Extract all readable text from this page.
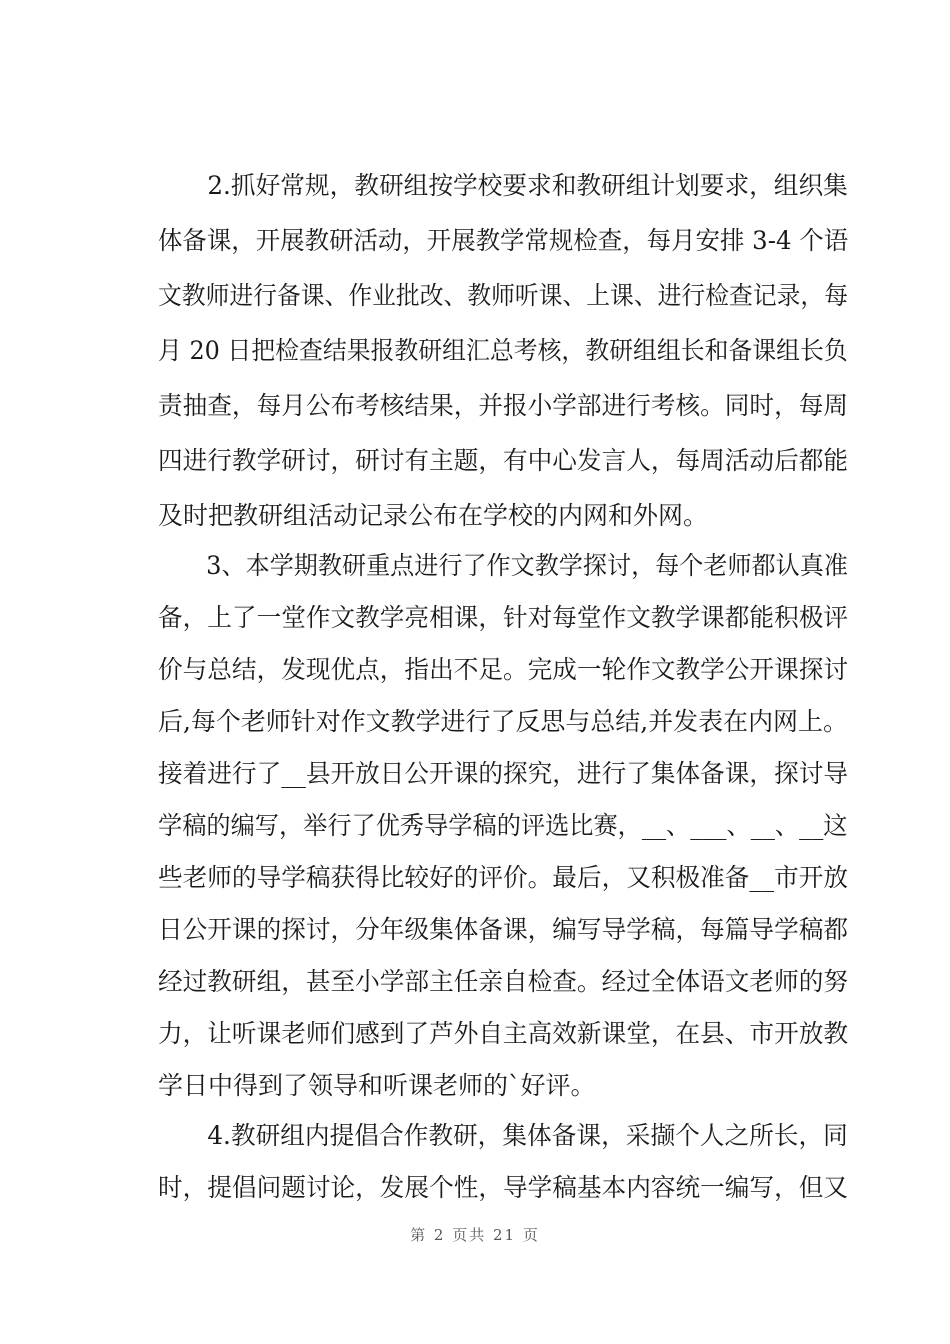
　　2.抓好常规，教研组按学校要求和教研组计划要求，组织集
体备课，开展教研活动，开展教学常规检查，每月安排 3-4 个语
文教师进行备课、作业批改、教师听课、上课、进行检查记录，每
月 20 日把检查结果报教研组汇总考核，教研组组长和备课组长负
责抽查，每月公布考核结果，并报小学部进行考核。同时，每周
四进行教学研讨，研讨有主题，有中心发言人，每周活动后都能
及时把教研组活动记录公布在学校的内网和外网。
　　3、本学期教研重点进行了作文教学探讨，每个老师都认真准
备，上了一堂作文教学亮相课，针对每堂作文教学课都能积极评
价与总结，发现优点，指出不足。完成一轮作文教学公开课探讨
后,每个老师针对作文教学进行了反思与总结,并发表在内网上。
接着进行了__县开放日公开课的探究，进行了集体备课，探讨导
学稿的编写，举行了优秀导学稿的评选比赛，__、___、__、__这
些老师的导学稿获得比较好的评价。最后，又积极准备__市开放
日公开课的探讨，分年级集体备课，编写导学稿，每篇导学稿都
经过教研组，甚至小学部主任亲自检查。经过全体语文老师的努
力，让听课老师们感到了芦外自主高效新课堂，在县、市开放教
学日中得到了领导和听课老师的`好评。
　　4.教研组内提倡合作教研，集体备课，采撷个人之所长，同
时，提倡问题讨论，发展个性，导学稿基本内容统一编写，但又
第 2 页共 21 页
